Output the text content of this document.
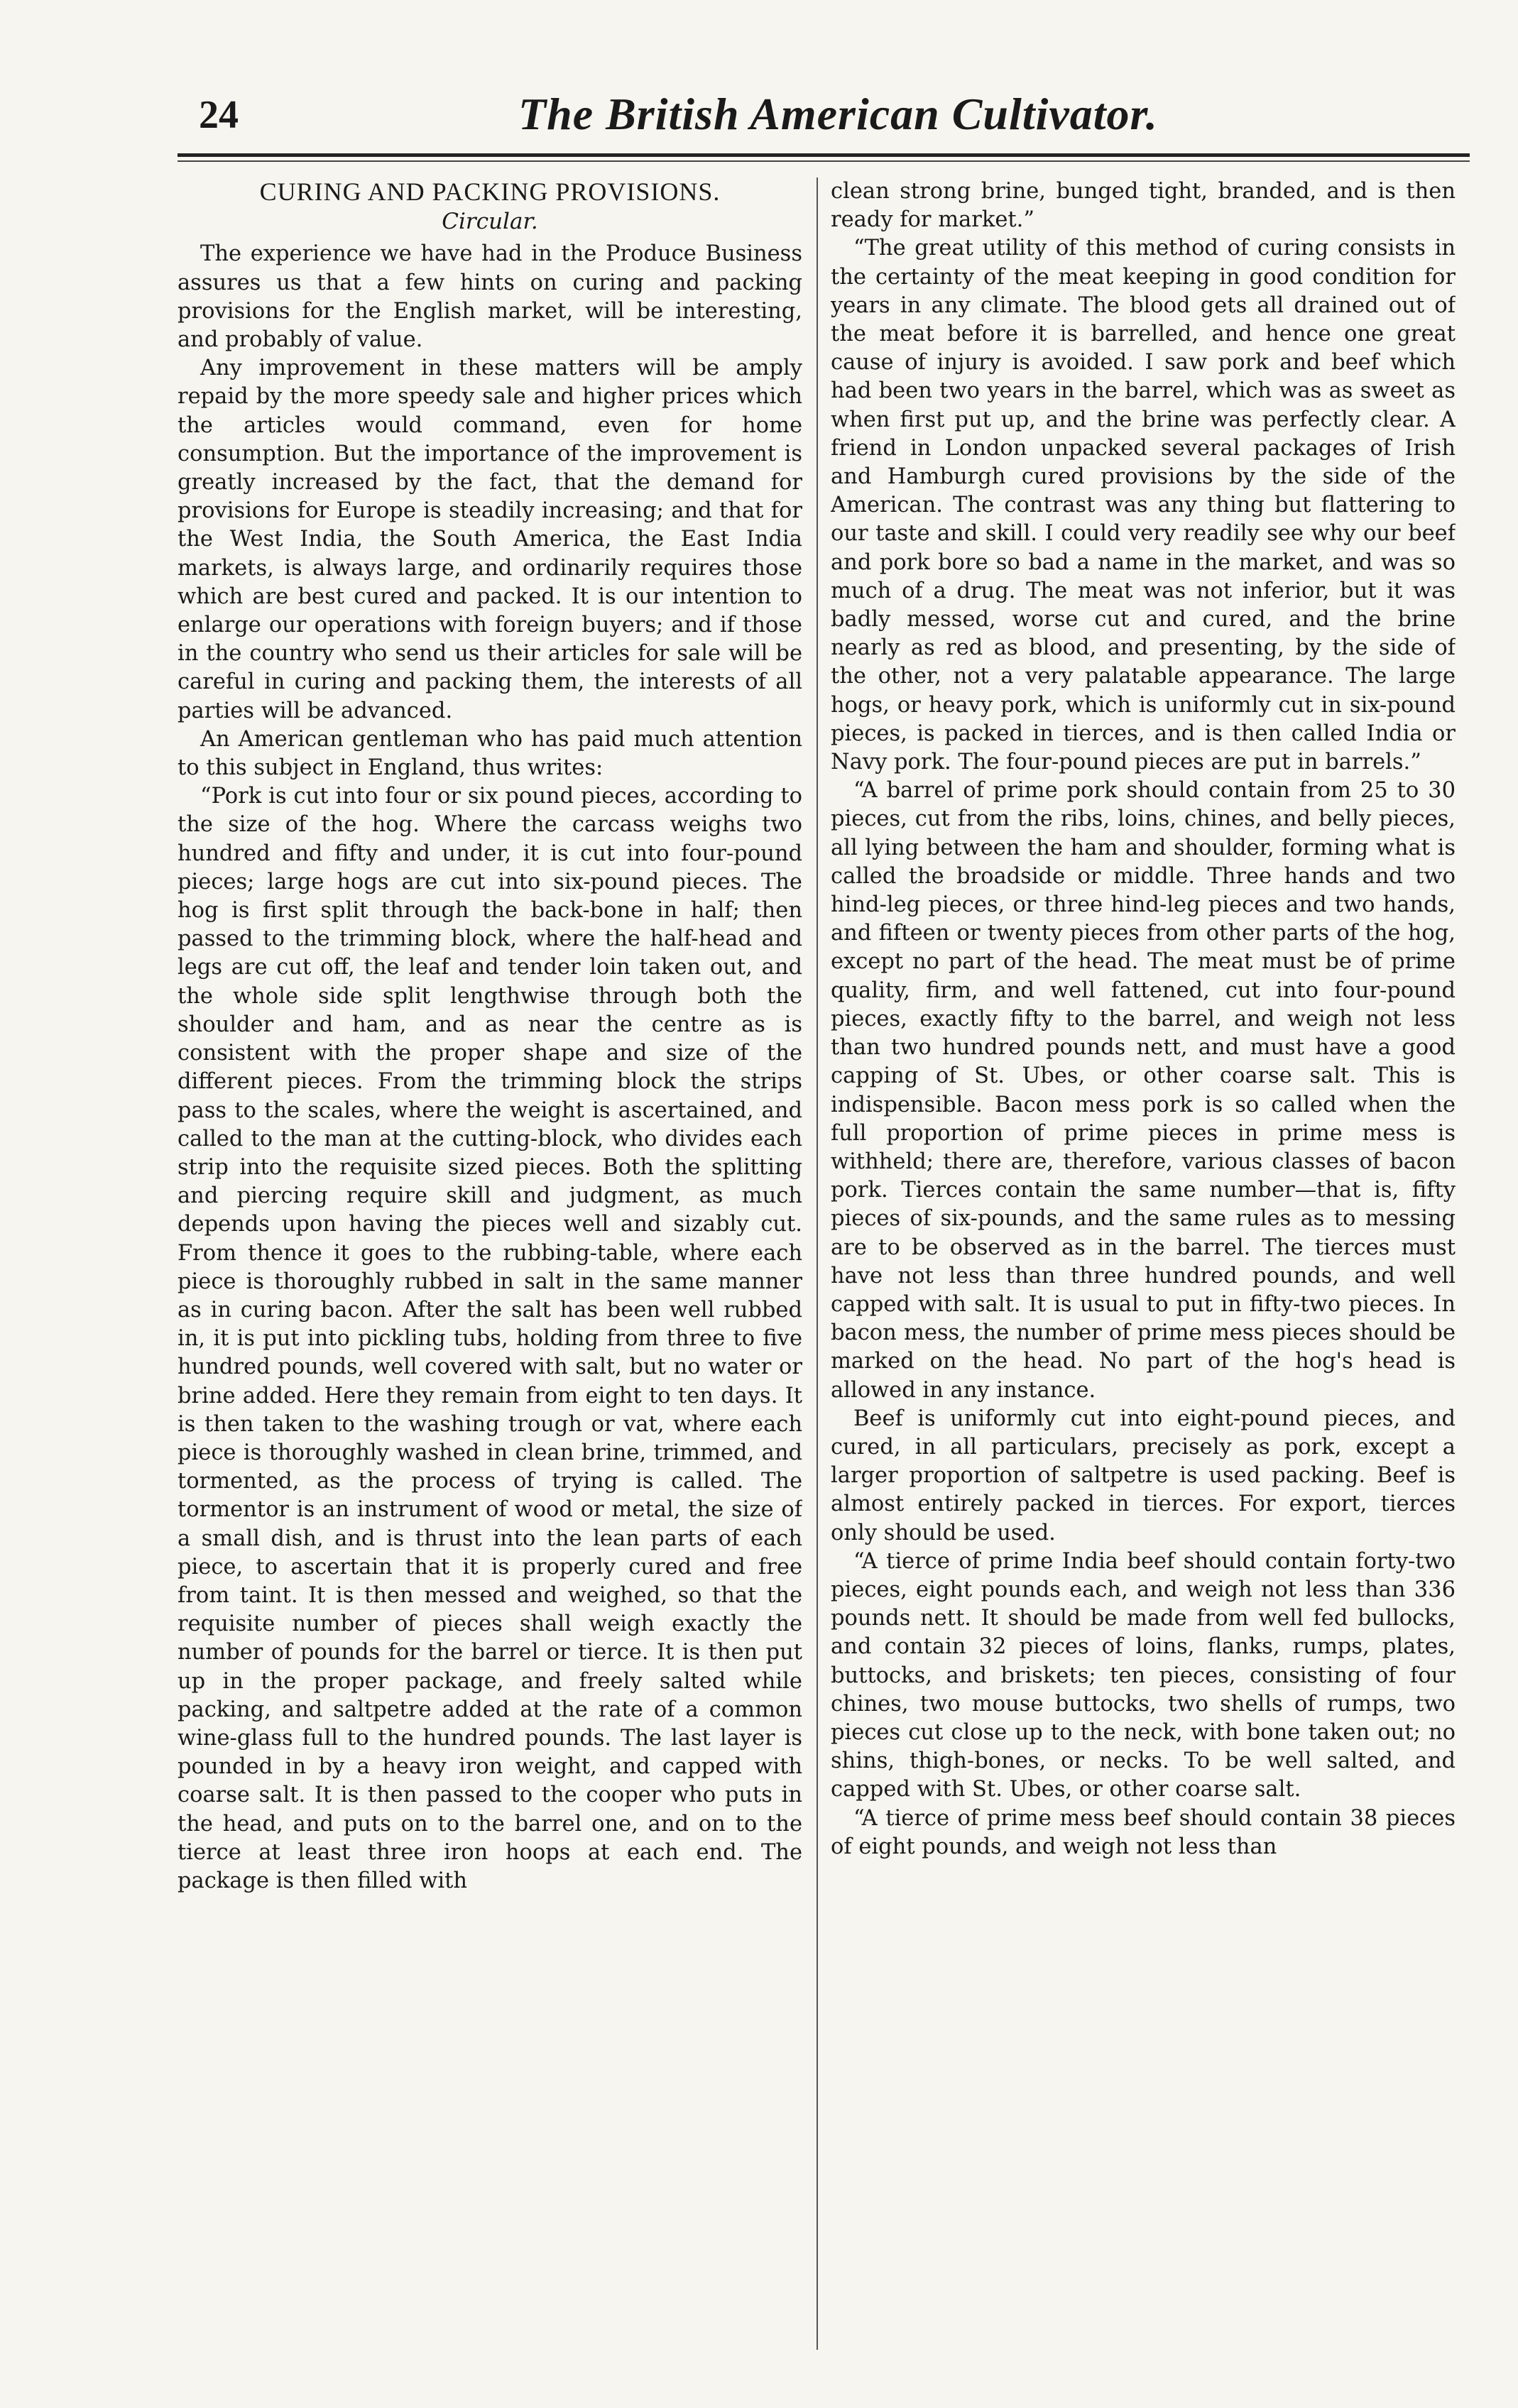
24	The British American Cultivator.
CURING AND PACKING PROVISIONS.
Circular.

The experience we have had in the Produce Business assures us that a few hints on curing and packing provisions for the English market, will be interesting, and probably of value.

Any improvement in these matters will be amply repaid by the more speedy sale and higher prices which the articles would command, even for home consumption. But the importance of the improvement is greatly increased by the fact, that the demand for provisions for Europe is steadily increasing; and that for the West India, the South America, the East India markets, is always large, and ordinarily requires those which are best cured and packed. It is our intention to enlarge our operations with foreign buyers; and if those in the country who send us their articles for sale will be careful in curing and packing them, the interests of all parties will be advanced.

An American gentleman who has paid much attention to this subject in England, thus writes:

“Pork is cut into four or six pound pieces, according to the size of the hog. Where the carcass weighs two hundred and fifty and under, it is cut into four-pound pieces; large hogs are cut into six-pound pieces. The hog is first split through the back-bone in half; then passed to the trimming block, where the half-head and legs are cut off, the leaf and tender loin taken out, and the whole side split lengthwise through both the shoulder and ham, and as near the centre as is consistent with the proper shape and size of the different pieces. From the trimming block the strips pass to the scales, where the weight is ascertained, and called to the man at the cutting-block, who divides each strip into the requisite sized pieces. Both the splitting and piercing require skill and judgment, as much depends upon having the pieces well and sizably cut. From thence it goes to the rubbing-table, where each piece is thoroughly rubbed in salt in the same manner as in curing bacon. After the salt has been well rubbed in, it is put into pickling tubs, holding from three to five hundred pounds, well covered with salt, but no water or brine added. Here they remain from eight to ten days. It is then taken to the washing trough or vat, where each piece is thoroughly washed in clean brine, trimmed, and tormented, as the process of trying is called. The tormentor is an instrument of wood or metal, the size of a small dish, and is thrust into the lean parts of each piece, to ascertain that it is properly cured and free from taint. It is then messed and weighed, so that the requisite number of pieces shall weigh exactly the number of pounds for the barrel or tierce. It is then put up in the proper package, and freely salted while packing, and saltpetre added at the rate of a common wine-glass full to the hundred pounds. The last layer is pounded in by a heavy iron weight, and capped with coarse salt. It is then passed to the cooper who puts in the head, and puts on to the barrel one, and on to the tierce at least three iron hoops at each end. The package is then filled with

clean strong brine, bunged tight, branded, and is then ready for market.”

“The great utility of this method of curing consists in the certainty of the meat keeping in good condition for years in any climate. The blood gets all drained out of the meat before it is barrelled, and hence one great cause of injury is avoided. I saw pork and beef which had been two years in the barrel, which was as sweet as when first put up, and the brine was perfectly clear. A friend in London unpacked several packages of Irish and Hamburgh cured provisions by the side of the American. The contrast was any thing but flattering to our taste and skill. I could very readily see why our beef and pork bore so bad a name in the market, and was so much of a drug. The meat was not inferior, but it was badly messed, worse cut and cured, and the brine nearly as red as blood, and presenting, by the side of the other, not a very palatable appearance. The large hogs, or heavy pork, which is uniformly cut in six-pound pieces, is packed in tierces, and is then called India or Navy pork. The four-pound pieces are put in barrels.”

“A barrel of prime pork should contain from 25 to 30 pieces, cut from the ribs, loins, chines, and belly pieces, all lying between the ham and shoulder, forming what is called the broadside or middle. Three hands and two hind-leg pieces, or three hind-leg pieces and two hands, and fifteen or twenty pieces from other parts of the hog, except no part of the head. The meat must be of prime quality, firm, and well fattened, cut into four-pound pieces, exactly fifty to the barrel, and weigh not less than two hundred pounds nett, and must have a good capping of St. Ubes, or other coarse salt. This is indispensible. Bacon mess pork is so called when the full proportion of prime pieces in prime mess is withheld; there are, therefore, various classes of bacon pork. Tierces contain the same number—that is, fifty pieces of six-pounds, and the same rules as to messing are to be observed as in the barrel. The tierces must have not less than three hundred pounds, and well capped with salt. It is usual to put in fifty-two pieces. In bacon mess, the number of prime mess pieces should be marked on the head. No part of the hog's head is allowed in any instance.

Beef is uniformly cut into eight-pound pieces, and cured, in all particulars, precisely as pork, except a larger proportion of saltpetre is used packing. Beef is almost entirely packed in tierces. For export, tierces only should be used.

“A tierce of prime India beef should contain forty-two pieces, eight pounds each, and weigh not less than 336 pounds nett. It should be made from well fed bullocks, and contain 32 pieces of loins, flanks, rumps, plates, buttocks, and briskets; ten pieces, consisting of four chines, two mouse buttocks, two shells of rumps, two pieces cut close up to the neck, with bone taken out; no shins, thigh-bones, or necks. To be well salted, and capped with St. Ubes, or other coarse salt.

“A tierce of prime mess beef should contain 38 pieces of eight pounds, and weigh not less than
